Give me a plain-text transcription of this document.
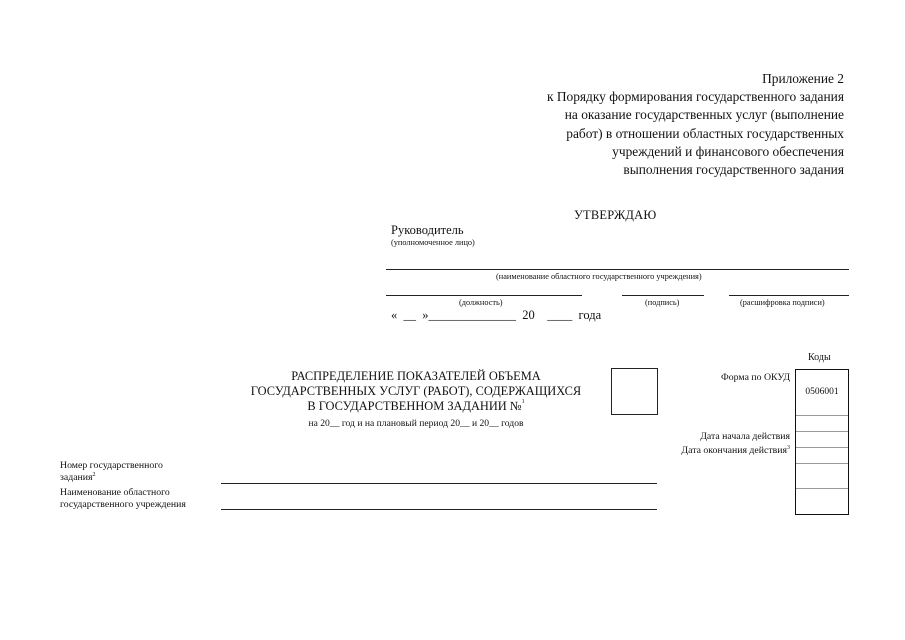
Приложение 2
к Порядку формирования государственного задания
на оказание государственных услуг (выполнение
работ) в отношении областных государственных
учреждений и финансового обеспечения
выполнения государственного задания
УТВЕРЖДАЮ
Руководитель
(уполномоченное лицо)
(наименование областного государственного учреждения)
(должность)	(подпись)	(расшифровка подписи)
«  __  »______________  20    ____  года
РАСПРЕДЕЛЕНИЕ ПОКАЗАТЕЛЕЙ ОБЪЕМА
ГОСУДАРСТВЕННЫХ УСЛУГ (РАБОТ), СОДЕРЖАЩИХСЯ
В ГОСУДАРСТВЕННОМ ЗАДАНИИ №$^1$
на 20__ год и на плановый период 20__ и 20__ годов
Коды
Форма по ОКУД
Дата начала действия
Дата окончания действия$^3$
0506001
Номер государственного
задания$^2$
Наименование областного
государственного учреждения
